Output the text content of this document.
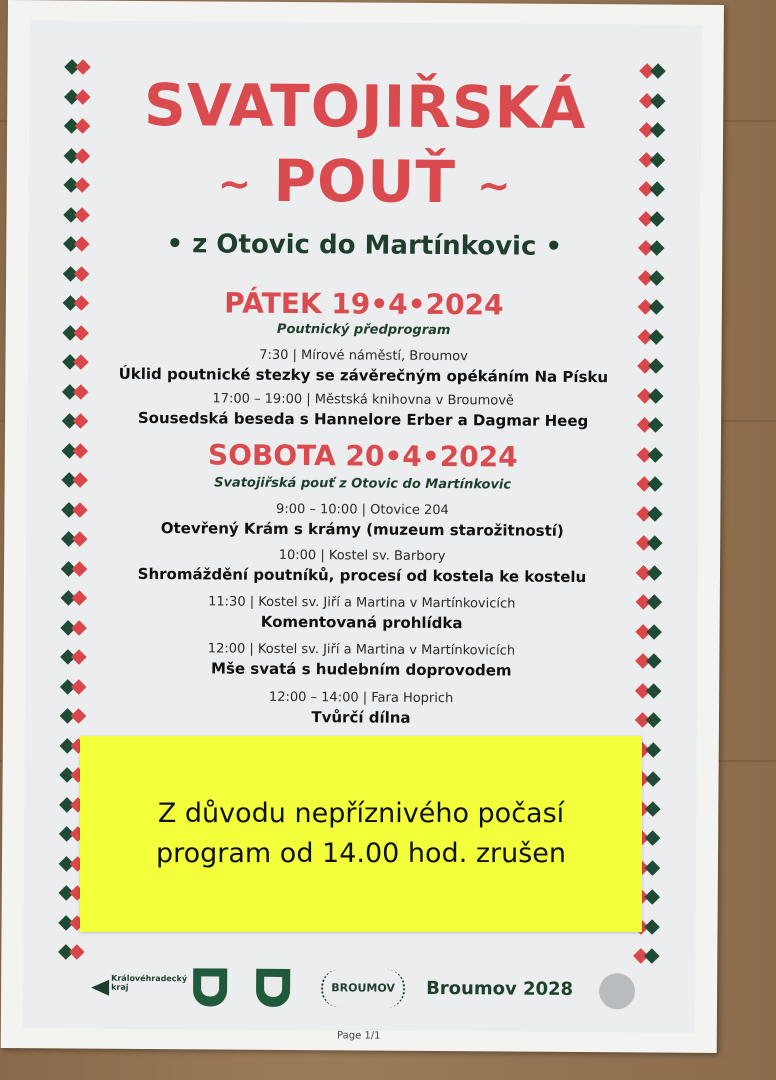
SVATOJIŘSKÁ
~ POUŤ ~
• z Otovic do Martínkovic •
PÁTEK 19•4•2024
Poutnický předprogram
7:30 | Mírové náměstí, Broumov
Úklid poutnické stezky se závěrečným opékáním Na Písku
17:00 – 19:00 | Městská knihovna v Broumově
Sousedská beseda s Hannelore Erber a Dagmar Heeg
SOBOTA 20•4•2024
Svatojiřská pouť z Otovic do Martínkovic
9:00 – 10:00 | Otovice 204
Otevřený Krám s krámy (muzeum starožitností)
10:00 | Kostel sv. Barbory
Shromáždění poutníků, procesí od kostela ke kostelu
11:30 | Kostel sv. Jiří a Martina v Martínkovicích
Komentovaná prohlídka
12:00 | Kostel sv. Jiří a Martina v Martínkovicích
Mše svatá s hudebním doprovodem
12:00 – 14:00 | Fara Hoprich
Tvůrčí dílna
Královéhradecký kraj	BROUMOV	Broumov 2028
Page 1/1
Z důvodu nepříznivého počasí
program od 14.00 hod. zrušen
